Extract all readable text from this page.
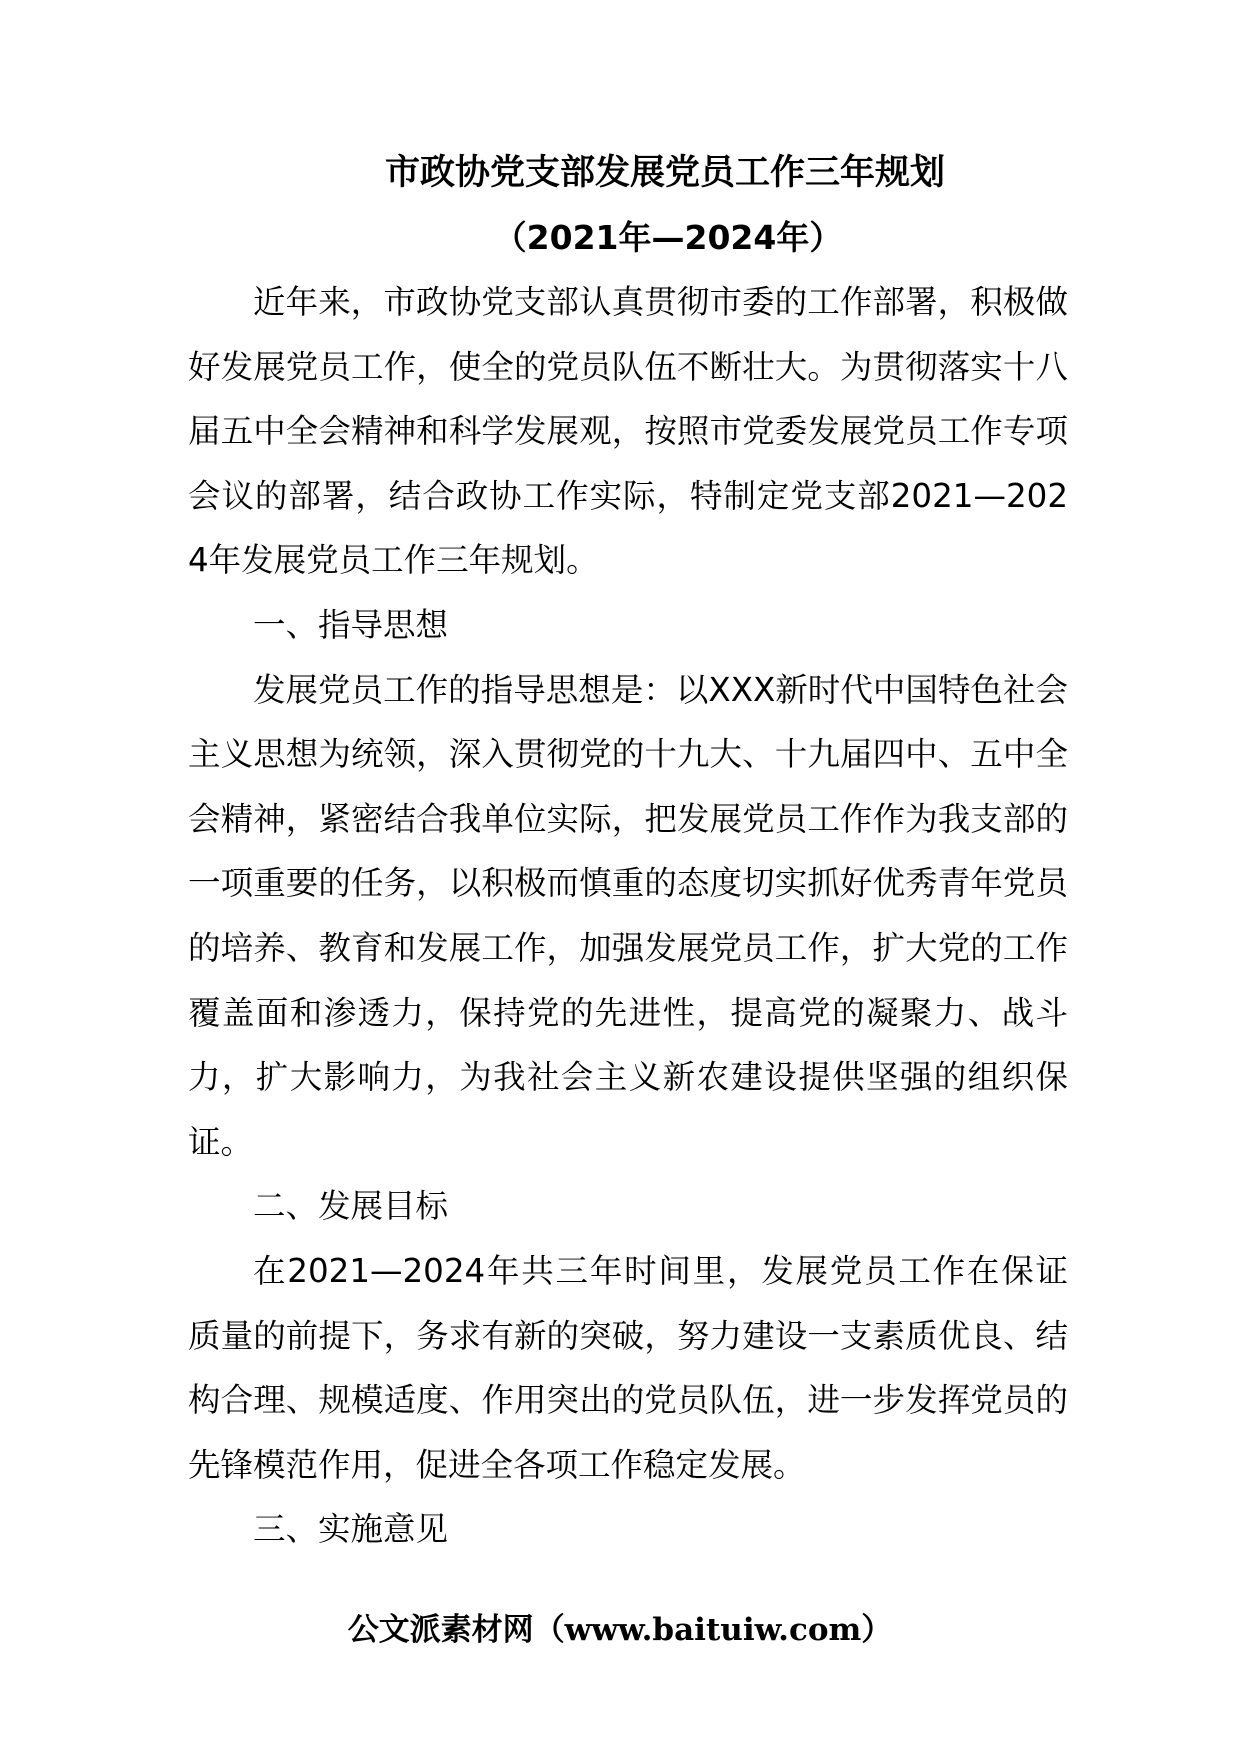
市政协党支部发展党员工作三年规划
（2021年—2024年）

近年来，市政协党支部认真贯彻市委的工作部署，积极做好发展党员工作，使全的党员队伍不断壮大。为贯彻落实十八届五中全会精神和科学发展观，按照市党委发展党员工作专项会议的部署，结合政协工作实际，特制定党支部2021—2024年发展党员工作三年规划。

一、指导思想

发展党员工作的指导思想是：以XXX新时代中国特色社会主义思想为统领，深入贯彻党的十九大、十九届四中、五中全会精神，紧密结合我单位实际，把发展党员工作作为我支部的一项重要的任务，以积极而慎重的态度切实抓好优秀青年党员的培养、教育和发展工作，加强发展党员工作，扩大党的工作覆盖面和渗透力，保持党的先进性，提高党的凝聚力、战斗力，扩大影响力，为我社会主义新农建设提供坚强的组织保证。

二、发展目标

在2021—2024年共三年时间里，发展党员工作在保证质量的前提下，务求有新的突破，努力建设一支素质优良、结构合理、规模适度、作用突出的党员队伍，进一步发挥党员的先锋模范作用，促进全各项工作稳定发展。

三、实施意见

公文派素材网（www.baituiw.com）
